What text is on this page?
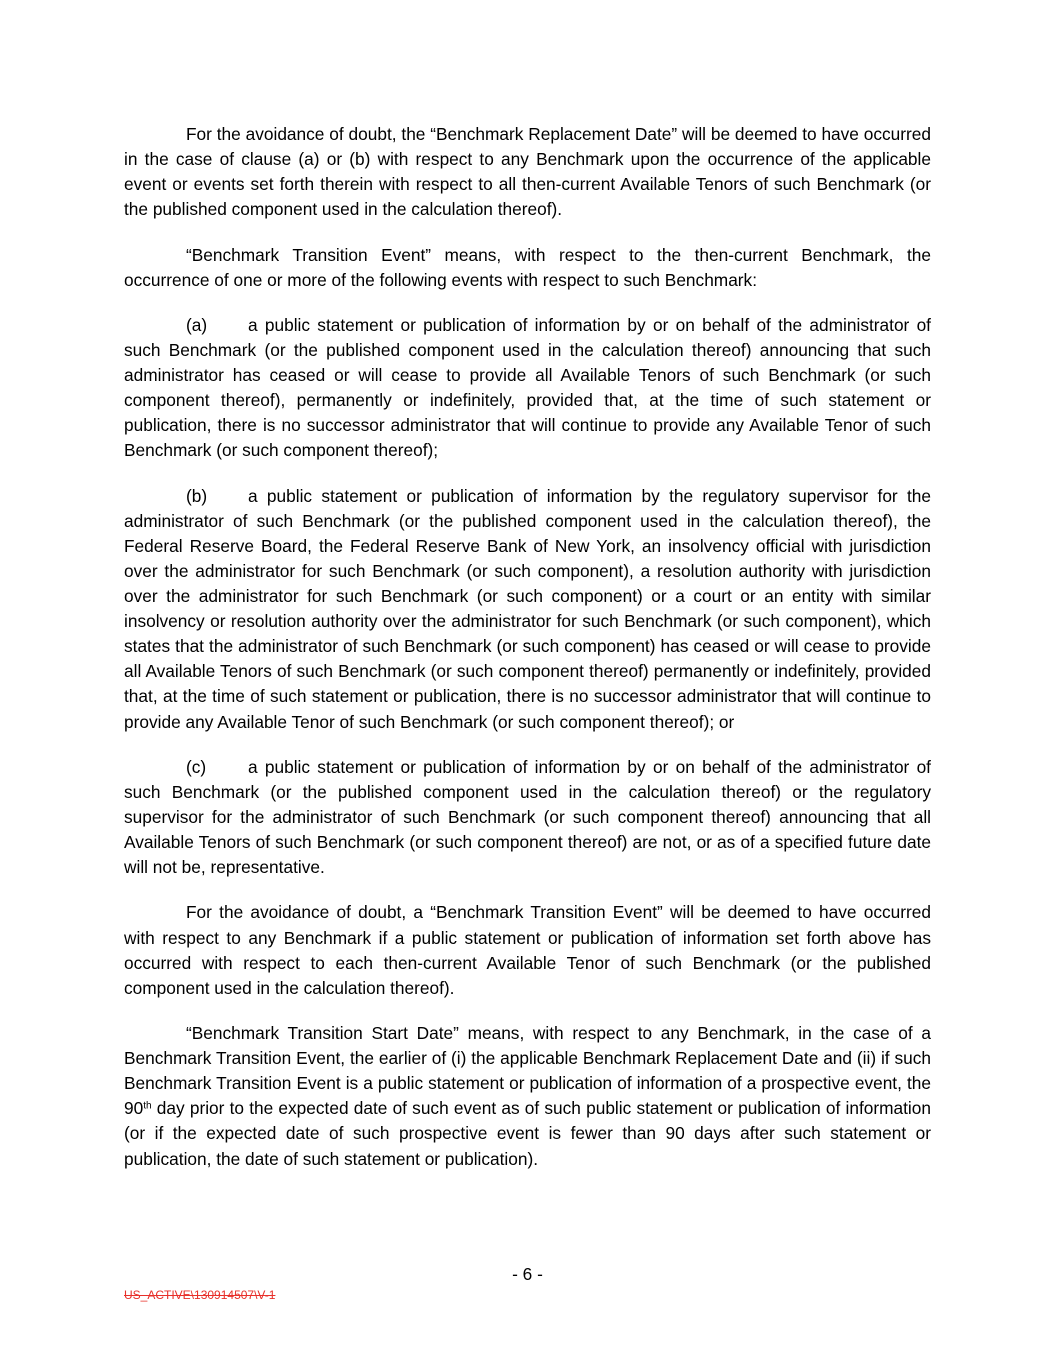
For the avoidance of doubt, the “Benchmark Replacement Date” will be deemed to have occurred in the case of clause (a) or (b) with respect to any Benchmark upon the occurrence of the applicable event or events set forth therein with respect to all then-current Available Tenors of such Benchmark (or the published component used in the calculation thereof).

“Benchmark Transition Event” means, with respect to the then-current Benchmark, the occurrence of one or more of the following events with respect to such Benchmark:

(a) a public statement or publication of information by or on behalf of the administrator of such Benchmark (or the published component used in the calculation thereof) announcing that such administrator has ceased or will cease to provide all Available Tenors of such Benchmark (or such component thereof), permanently or indefinitely, provided that, at the time of such statement or publication, there is no successor administrator that will continue to provide any Available Tenor of such Benchmark (or such component thereof);

(b) a public statement or publication of information by the regulatory supervisor for the administrator of such Benchmark (or the published component used in the calculation thereof), the Federal Reserve Board, the Federal Reserve Bank of New York, an insolvency official with jurisdiction over the administrator for such Benchmark (or such component), a resolution authority with jurisdiction over the administrator for such Benchmark (or such component) or a court or an entity with similar insolvency or resolution authority over the administrator for such Benchmark (or such component), which states that the administrator of such Benchmark (or such component) has ceased or will cease to provide all Available Tenors of such Benchmark (or such component thereof) permanently or indefinitely, provided that, at the time of such statement or publication, there is no successor administrator that will continue to provide any Available Tenor of such Benchmark (or such component thereof); or

(c) a public statement or publication of information by or on behalf of the administrator of such Benchmark (or the published component used in the calculation thereof) or the regulatory supervisor for the administrator of such Benchmark (or such component thereof) announcing that all Available Tenors of such Benchmark (or such component thereof) are not, or as of a specified future date will not be, representative.

For the avoidance of doubt, a “Benchmark Transition Event” will be deemed to have occurred with respect to any Benchmark if a public statement or publication of information set forth above has occurred with respect to each then-current Available Tenor of such Benchmark (or the published component used in the calculation thereof).

“Benchmark Transition Start Date” means, with respect to any Benchmark, in the case of a Benchmark Transition Event, the earlier of (i) the applicable Benchmark Replacement Date and (ii) if such Benchmark Transition Event is a public statement or publication of information of a prospective event, the 90th day prior to the expected date of such event as of such public statement or publication of information (or if the expected date of such prospective event is fewer than 90 days after such statement or publication, the date of such statement or publication).

- 6 -
US_ACTIVE\130914507\V-1
